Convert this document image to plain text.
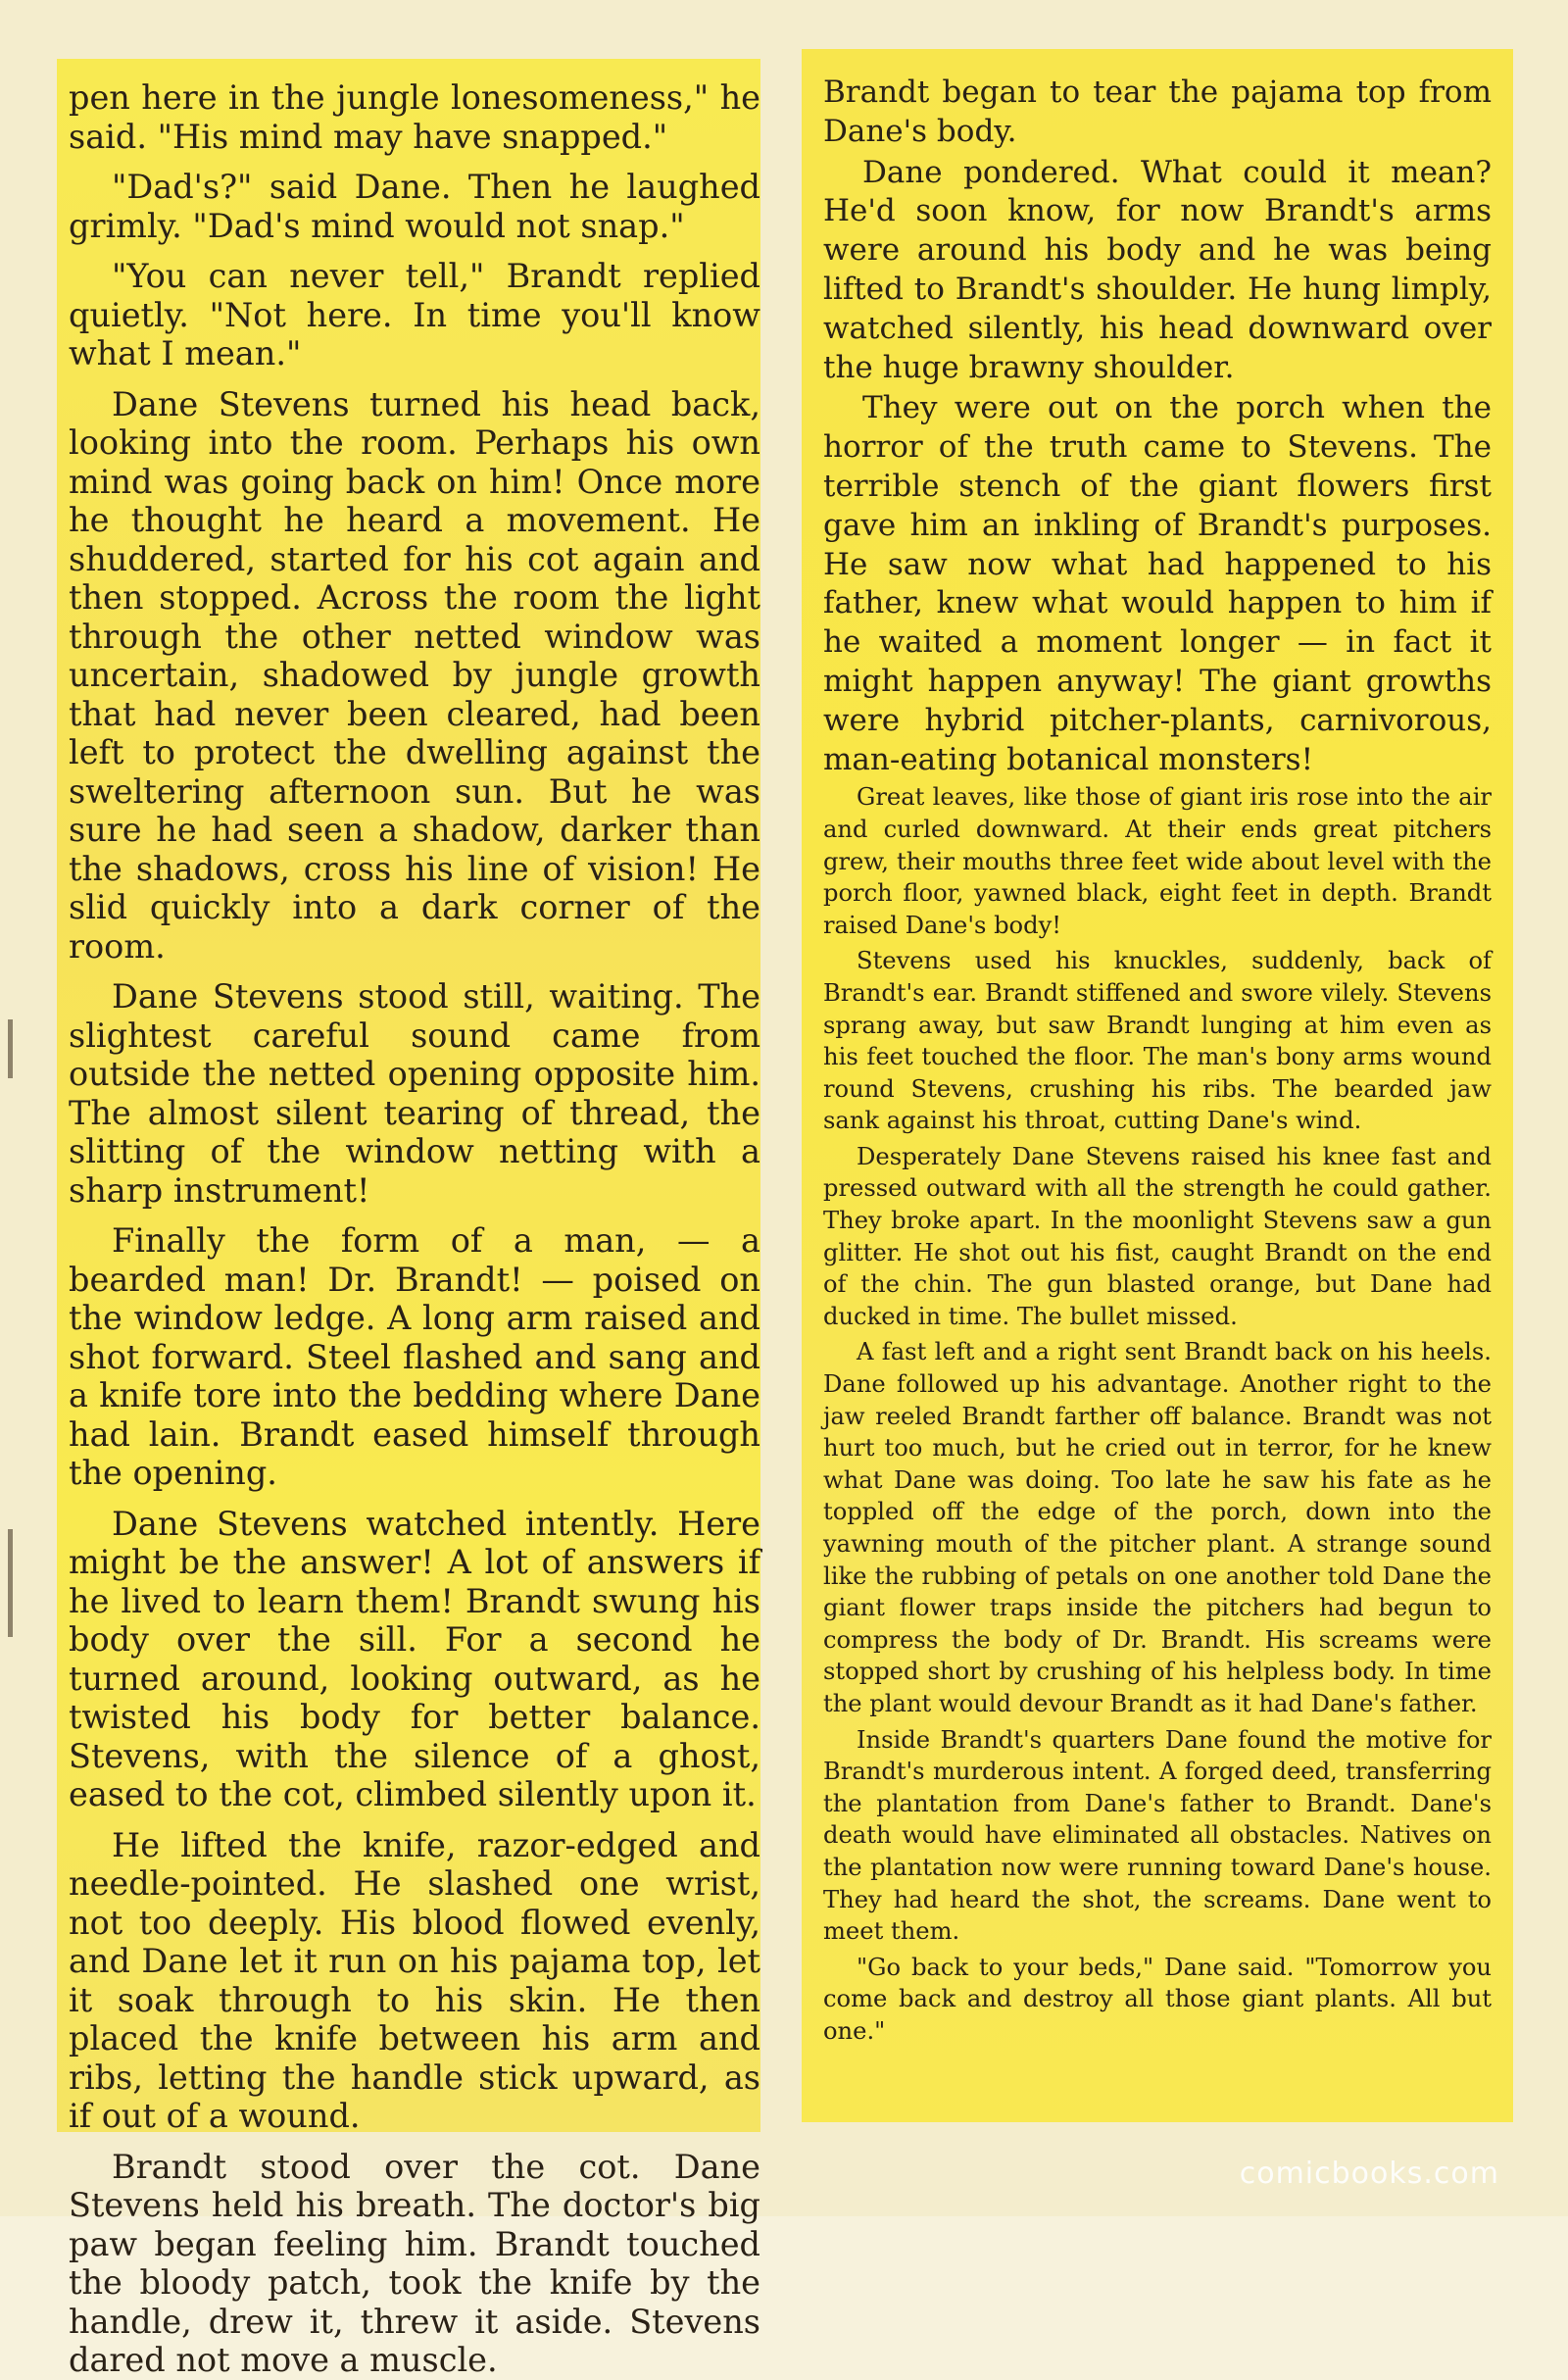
pen here in the jungle lonesomeness," he said. "His mind may have snapped."

"Dad's?" said Dane. Then he laughed grimly. "Dad's mind would not snap."

"You can never tell," Brandt replied quietly. "Not here. In time you'll know what I mean."

Dane Stevens turned his head back, looking into the room. Perhaps his own mind was going back on him! Once more he thought he heard a movement. He shuddered, started for his cot again and then stopped. Across the room the light through the other netted window was uncertain, shadowed by jungle growth that had never been cleared, had been left to protect the dwelling against the sweltering afternoon sun. But he was sure he had seen a shadow, darker than the shadows, cross his line of vision! He slid quickly into a dark corner of the room.

Dane Stevens stood still, waiting. The slightest careful sound came from outside the netted opening opposite him. The almost silent tearing of thread, the slitting of the window netting with a sharp instrument!

Finally the form of a man, — a bearded man! Dr. Brandt! — poised on the window ledge. A long arm raised and shot forward. Steel flashed and sang and a knife tore into the bedding where Dane had lain. Brandt eased himself through the opening.

Dane Stevens watched intently. Here might be the answer! A lot of answers if he lived to learn them! Brandt swung his body over the sill. For a second he turned around, looking outward, as he twisted his body for better balance. Stevens, with the silence of a ghost, eased to the cot, climbed silently upon it.

He lifted the knife, razor-edged and needle-pointed. He slashed one wrist, not too deeply. His blood flowed evenly, and Dane let it run on his pajama top, let it soak through to his skin. He then placed the knife between his arm and ribs, letting the handle stick upward, as if out of a wound.

Brandt stood over the cot. Dane Stevens held his breath. The doctor's big paw began feeling him. Brandt touched the bloody patch, took the knife by the handle, drew it, threw it aside. Stevens dared not move a muscle.

Brandt began to tear the pajama top from Dane's body.

Dane pondered. What could it mean? He'd soon know, for now Brandt's arms were around his body and he was being lifted to Brandt's shoulder. He hung limply, watched silently, his head downward over the huge brawny shoulder.

They were out on the porch when the horror of the truth came to Stevens. The terrible stench of the giant flowers first gave him an inkling of Brandt's purposes. He saw now what had happened to his father, knew what would happen to him if he waited a moment longer — in fact it might happen anyway! The giant growths were hybrid pitcher-plants, carnivorous, man-eating botanical monsters!

Great leaves, like those of giant iris rose into the air and curled downward. At their ends great pitchers grew, their mouths three feet wide about level with the porch floor, yawned black, eight feet in depth. Brandt raised Dane's body!

Stevens used his knuckles, suddenly, back of Brandt's ear. Brandt stiffened and swore vilely. Stevens sprang away, but saw Brandt lunging at him even as his feet touched the floor. The man's bony arms wound round Stevens, crushing his ribs. The bearded jaw sank against his throat, cutting Dane's wind.

Desperately Dane Stevens raised his knee fast and pressed outward with all the strength he could gather. They broke apart. In the moonlight Stevens saw a gun glitter. He shot out his fist, caught Brandt on the end of the chin. The gun blasted orange, but Dane had ducked in time. The bullet missed.

A fast left and a right sent Brandt back on his heels. Dane followed up his advantage. Another right to the jaw reeled Brandt farther off balance. Brandt was not hurt too much, but he cried out in terror, for he knew what Dane was doing. Too late he saw his fate as he toppled off the edge of the porch, down into the yawning mouth of the pitcher plant. A strange sound like the rubbing of petals on one another told Dane the giant flower traps inside the pitchers had begun to compress the body of Dr. Brandt. His screams were stopped short by crushing of his helpless body. In time the plant would devour Brandt as it had Dane's father.

Inside Brandt's quarters Dane found the motive for Brandt's murderous intent. A forged deed, transferring the plantation from Dane's father to Brandt. Dane's death would have eliminated all obstacles. Natives on the plantation now were running toward Dane's house. They had heard the shot, the screams. Dane went to meet them.

"Go back to your beds," Dane said. "Tomorrow you come back and destroy all those giant plants. All but one."

comicbooks.com
